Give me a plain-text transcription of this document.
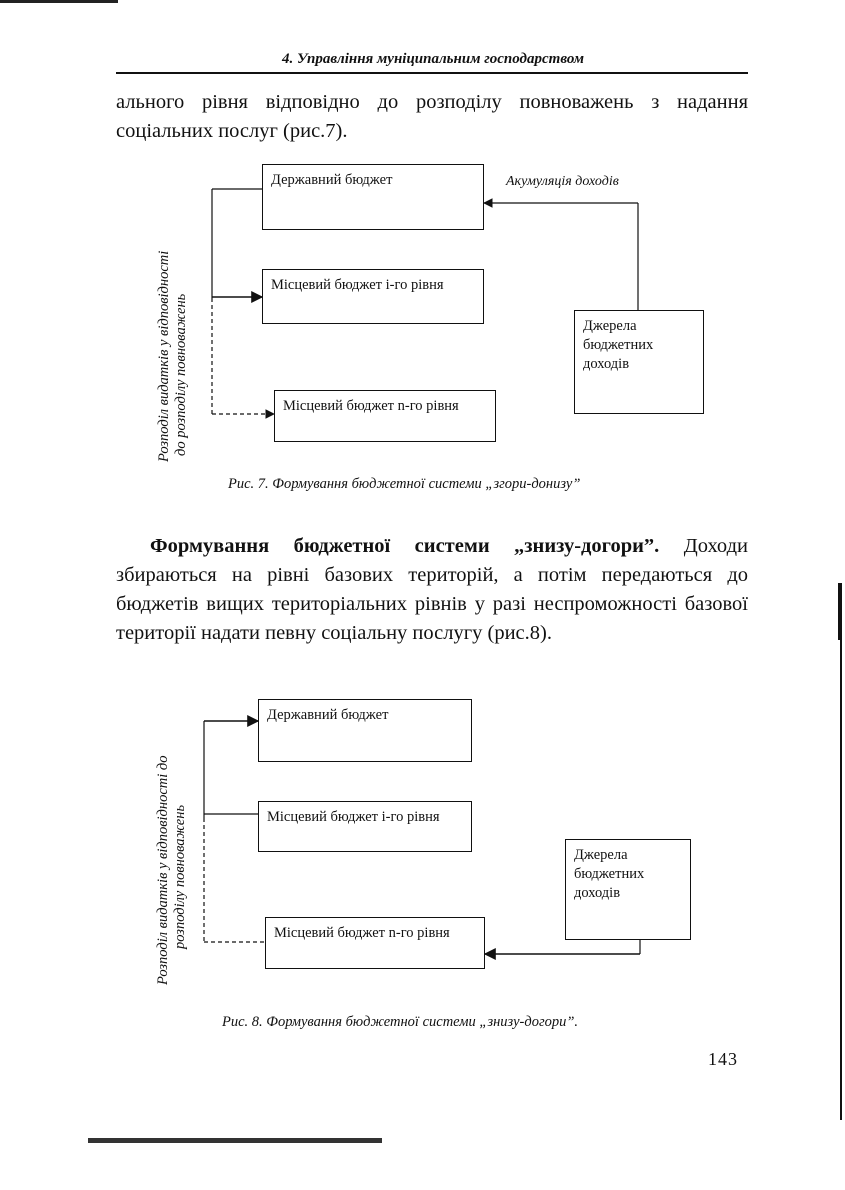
4. Управління муніципальним господарством

ального рівня відповідно до розподілу повноважень з надання соціальних послуг (рис.7).

Державний бюджет
Місцевий бюджет і-го рівня
Місцевий бюджет n-го рівня
Джерела бюджетних доходів
Акумуляція доходів
Розподіл видатків у відповідності до розподілу повноважень
Рис. 7. Формування бюджетної системи „згори-донизу”

Формування бюджетної системи „знизу-догори”. Доходи збираються на рівні базових територій, а потім передаються до бюджетів вищих територіальних рівнів у разі неспроможності базової території надати певну соціальну послугу (рис.8).

Державний бюджет
Місцевий бюджет і-го рівня
Місцевий бюджет n-го рівня
Джерела бюджетних доходів
Розподіл видатків у відповідності до розподілу повноважень
Рис. 8. Формування бюджетної системи „знизу-догори”.
143
